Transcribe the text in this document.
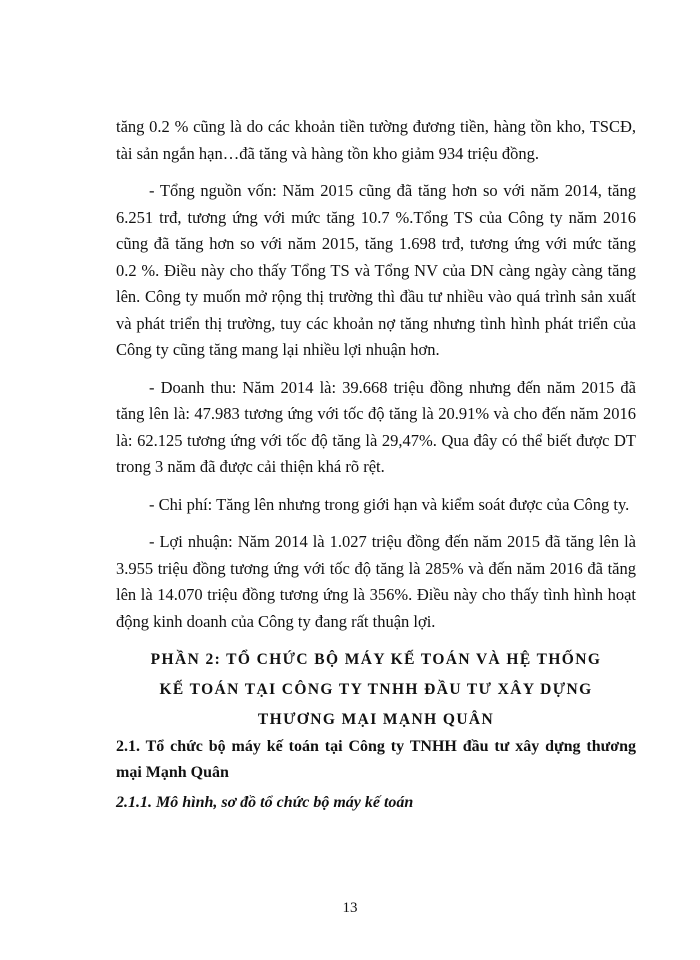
tăng 0.2 % cũng là do các khoản tiền tường đương tiền, hàng tồn kho, TSCĐ, tài sản ngắn hạn…đã tăng và hàng tồn kho giảm 934 triệu đồng.

- Tổng nguồn vốn: Năm 2015 cũng đã tăng hơn so với năm 2014, tăng 6.251 trđ, tương ứng với mức tăng 10.7 %.Tổng TS của Công ty năm 2016 cũng đã tăng hơn so với năm 2015, tăng 1.698 trđ, tương ứng với mức tăng 0.2 %. Điều này cho thấy Tổng TS và Tổng NV của DN càng ngày càng tăng lên. Công ty muốn mở rộng thị trường thì đầu tư nhiều vào quá trình sản xuất và phát triển thị trường, tuy các khoản nợ tăng nhưng tình hình phát triển của Công ty cũng tăng mang lại nhiều lợi nhuận hơn.

- Doanh thu: Năm 2014 là: 39.668 triệu đồng nhưng đến năm 2015 đã tăng lên là: 47.983 tương ứng với tốc độ tăng là 20.91% và cho đến năm 2016 là: 62.125 tương ứng với tốc độ tăng là 29,47%. Qua đây có thể biết được DT trong 3 năm đã được cải thiện khá rõ rệt.

- Chi phí: Tăng lên nhưng trong giới hạn và kiểm soát được của Công ty.

- Lợi nhuận: Năm 2014 là 1.027 triệu đồng đến năm 2015 đã tăng lên là 3.955 triệu đồng tương ứng với tốc độ tăng là 285% và đến năm 2016 đã tăng lên là 14.070 triệu đồng tương ứng là 356%. Điều này cho thấy tình hình hoạt động kinh doanh của Công ty đang rất thuận lợi.

PHẦN 2: TỔ CHỨC BỘ MÁY KẾ TOÁN VÀ HỆ THỐNG
KẾ TOÁN TẠI CÔNG TY TNHH ĐẦU TƯ XÂY DỰNG
THƯƠNG MẠI MẠNH QUÂN
2.1. Tổ chức bộ máy kế toán tại Công ty TNHH đầu tư xây dựng thương mại Mạnh Quân
2.1.1. Mô hình, sơ đồ tổ chức bộ máy kế toán
13
